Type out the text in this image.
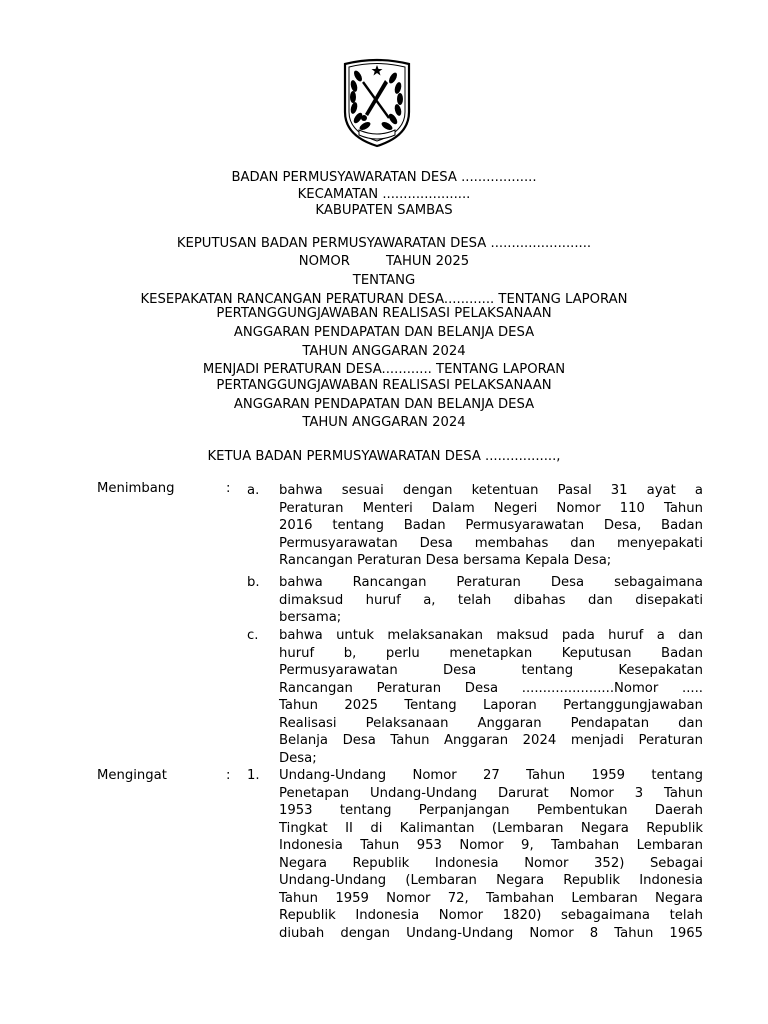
BADAN PERMUSYAWARATAN DESA ..................
KECAMATAN .....................
KABUPATEN SAMBAS
KEPUTUSAN BADAN PERMUSYAWARATAN DESA ........................
NOMOR	TAHUN 2025
TENTANG
KESEPAKATAN RANCANGAN PERATURAN DESA............ TENTANG LAPORAN
PERTANGGUNGJAWABAN REALISASI PELAKSANAAN
ANGGARAN PENDAPATAN DAN BELANJA DESA
TAHUN ANGGARAN 2024
MENJADI PERATURAN DESA............ TENTANG LAPORAN
PERTANGGUNGJAWABAN REALISASI PELAKSANAAN
ANGGARAN PENDAPATAN DAN BELANJA DESA
TAHUN ANGGARAN 2024
KETUA BADAN PERMUSYAWARATAN DESA .................,
Menimbang	: a. bahwa sesuai dengan ketentuan Pasal 31 ayat a
Peraturan Menteri Dalam Negeri Nomor 110 Tahun
2016 tentang Badan Permusyarawatan Desa, Badan
Permusyarawatan Desa membahas dan menyepakati
Rancangan Peraturan Desa bersama Kepala Desa;
b. bahwa Rancangan Peraturan Desa sebagaimana
dimaksud huruf a, telah dibahas dan disepakati
bersama;
c. bahwa untuk melaksanakan maksud pada huruf a dan
huruf b, perlu menetapkan Keputusan Badan
Permusyarawatan Desa tentang Kesepakatan
Rancangan Peraturan Desa ......................Nomor .....
Tahun 2025 Tentang Laporan Pertanggungjawaban
Realisasi Pelaksanaan Anggaran Pendapatan dan
Belanja Desa Tahun Anggaran 2024 menjadi Peraturan
Desa;
Mengingat	: 1. Undang-Undang Nomor 27 Tahun 1959 tentang
Penetapan Undang-Undang Darurat Nomor 3 Tahun
1953 tentang Perpanjangan Pembentukan Daerah
Tingkat II di Kalimantan (Lembaran Negara Republik
Indonesia Tahun 953 Nomor 9, Tambahan Lembaran
Negara Republik Indonesia Nomor 352) Sebagai
Undang-Undang (Lembaran Negara Republik Indonesia
Tahun 1959 Nomor 72, Tambahan Lembaran Negara
Republik Indonesia Nomor 1820) sebagaimana telah
diubah dengan Undang-Undang Nomor 8 Tahun 1965
